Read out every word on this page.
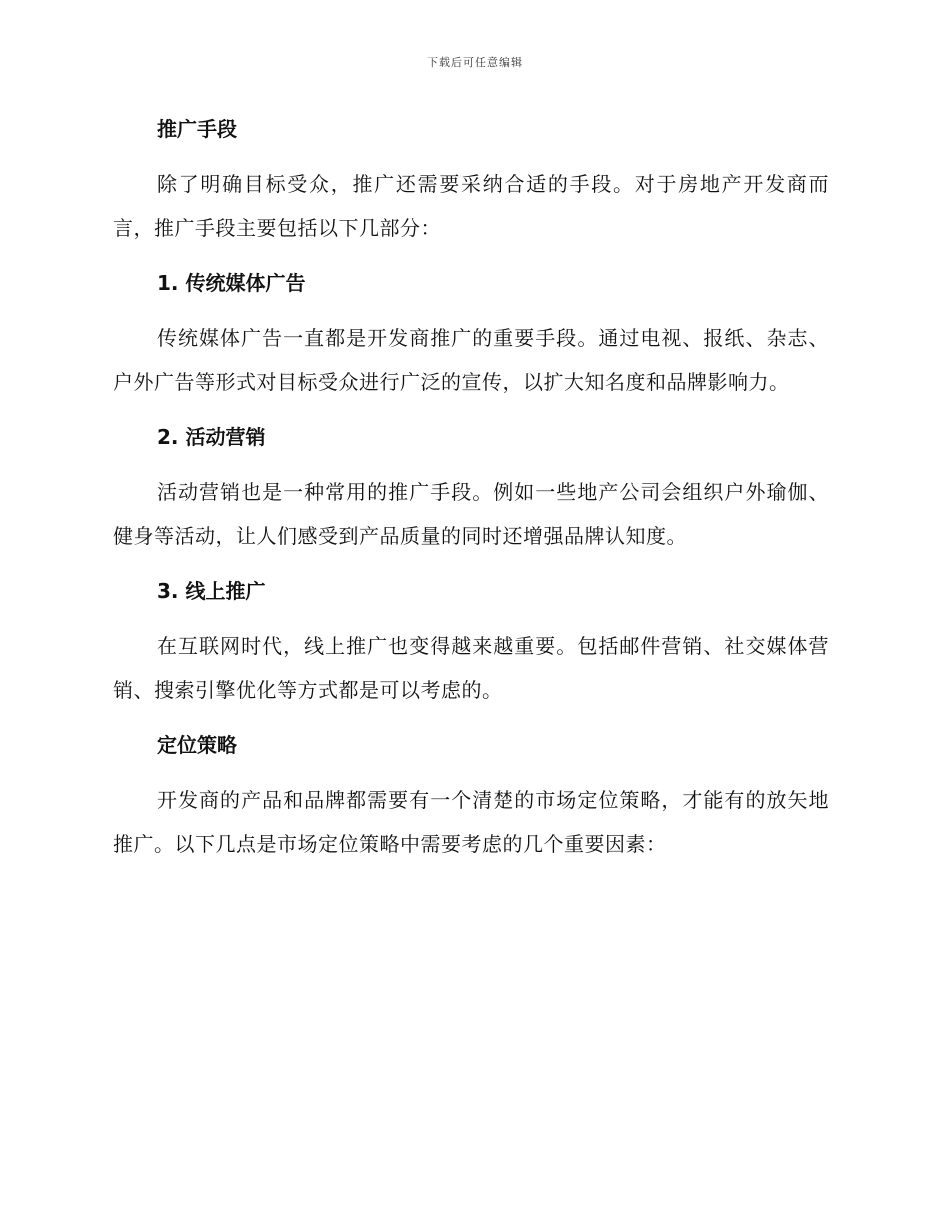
下载后可任意编辑

推广手段

除了明确目标受众，推广还需要采纳合适的手段。对于房地产开发商而言，推广手段主要包括以下几部分：

1. 传统媒体广告

传统媒体广告一直都是开发商推广的重要手段。通过电视、报纸、杂志、户外广告等形式对目标受众进行广泛的宣传，以扩大知名度和品牌影响力。

2. 活动营销

活动营销也是一种常用的推广手段。例如一些地产公司会组织户外瑜伽、健身等活动，让人们感受到产品质量的同时还增强品牌认知度。

3. 线上推广

在互联网时代，线上推广也变得越来越重要。包括邮件营销、社交媒体营销、搜索引擎优化等方式都是可以考虑的。

定位策略

开发商的产品和品牌都需要有一个清楚的市场定位策略，才能有的放矢地推广。以下几点是市场定位策略中需要考虑的几个重要因素：
